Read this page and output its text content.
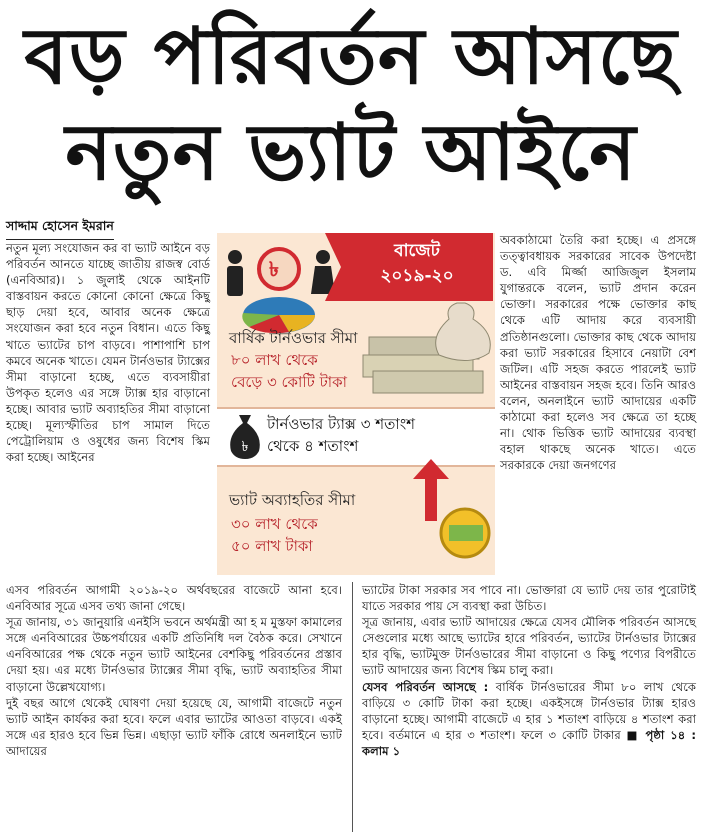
বড় পরিবর্তন আসছে
নতুন ভ্যাট আইনে
সাদ্দাম হোসেন ইমরান

নতুন মূল্য সংযোজন কর বা ভ্যাট আইনে বড় পরিবর্তন আনতে যাচ্ছে জাতীয় রাজস্ব বোর্ড (এনবিআর)। ১ জুলাই থেকে আইনটি বাস্তবায়ন করতে কোনো কোনো ক্ষেত্রে কিছু ছাড় দেয়া হবে, আবার অনেক ক্ষেত্রে সংযোজন করা হবে নতুন বিধান। এতে কিছু খাতে ভ্যাটের চাপ বাড়বে। পাশাপাশি চাপ কমবে অনেক খাতে। যেমন টার্নওভার ট্যাক্সের সীমা বাড়ানো হচ্ছে, এতে ব্যবসায়ীরা উপকৃত হলেও এর সঙ্গে ট্যাক্স হার বাড়ানো হচ্ছে। আবার ভ্যাট অব্যাহতির সীমা বাড়ানো হচ্ছে। মূল্যস্ফীতির চাপ সামাল দিতে পেট্রোলিয়াম ও ওষুধের জন্য বিশেষ স্কিম করা হচ্ছে। আইনের

৳
বাজেট
২০১৯-২০
বার্ষিক টার্নওভার সীমা
৮০ লাখ থেকে
বেড়ে ৩ কোটি টাকা
৳
টার্নওভার ট্যাক্স ৩ শতাংশ
থেকে ৪ শতাংশ
ভ্যাট অব্যাহতির সীমা
৩০ লাখ থেকে
৫০ লাখ টাকা

অবকাঠামো তৈরি করা হচ্ছে। এ প্রসঙ্গে তত্ত্বাবধায়ক সরকারের সাবেক উপদেষ্টা ড. এবি মির্জ্জা আজিজুল ইসলাম যুগান্তরকে বলেন, ভ্যাট প্রদান করেন ভোক্তা। সরকারের পক্ষে ভোক্তার কাছ থেকে এটি আদায় করে ব্যবসায়ী প্রতিষ্ঠানগুলো। ভোক্তার কাছ থেকে আদায় করা ভ্যাট সরকারের হিসাবে নেয়াটা বেশ জটিল। এটি সহজ করতে পারলেই ভ্যাট আইনের বাস্তবায়ন সহজ হবে। তিনি আরও বলেন, অনলাইনে ভ্যাট আদায়ের একটি কাঠামো করা হলেও সব ক্ষেত্রে তা হচ্ছে না। থোক ভিত্তিক ভ্যাট আদায়ের ব্যবস্থা বহাল থাকছে অনেক খাতে। এতে সরকারকে দেয়া জনগণের

এসব পরিবর্তন আগামী ২০১৯-২০ অর্থবছরের বাজেটে আনা হবে। এনবিআর সূত্রে এসব তথ্য জানা গেছে।

সূত্র জানায়, ৩১ জানুয়ারি এনইসি ভবনে অর্থমন্ত্রী আ হ ম মুস্তফা কামালের সঙ্গে এনবিআরের উচ্চপর্যায়ের একটি প্রতিনিধি দল বৈঠক করে। সেখানে এনবিআরের পক্ষ থেকে নতুন ভ্যাট আইনের বেশকিছু পরিবর্তনের প্রস্তাব দেয়া হয়। এর মধ্যে টার্নওভার ট্যাক্সের সীমা বৃদ্ধি, ভ্যাট অব্যাহতির সীমা বাড়ানো উল্লেখযোগ্য।

দুই বছর আগে থেকেই ঘোষণা দেয়া হয়েছে যে, আগামী বাজেটে নতুন ভ্যাট আইন কার্যকর করা হবে। ফলে এবার ভ্যাটের আওতা বাড়বে। একই সঙ্গে এর হারও হবে ভিন্ন ভিন্ন। এছাড়া ভ্যাট ফাঁকি রোধে অনলাইনে ভ্যাট আদায়ের

ভ্যাটের টাকা সরকার সব পাবে না। ভোক্তারা যে ভ্যাট দেয় তার পুরোটাই যাতে সরকার পায় সে ব্যবস্থা করা উচিত।

সূত্র জানায়, এবার ভ্যাট আদায়ের ক্ষেত্রে যেসব মৌলিক পরিবর্তন আসছে সেগুলোর মধ্যে আছে ভ্যাটের হারে পরিবর্তন, ভ্যাটের টার্নওভার ট্যাক্সের হার বৃদ্ধি, ভ্যাটমুক্ত টার্নওভারের সীমা বাড়ানো ও কিছু পণ্যের বিপরীতে ভ্যাট আদায়ের জন্য বিশেষ স্কিম চালু করা।

যেসব পরিবর্তন আসছে : বার্ষিক টার্নওভারের সীমা ৮০ লাখ থেকে বাড়িয়ে ৩ কোটি টাকা করা হচ্ছে। একইসঙ্গে টার্নওভার ট্যাক্স হারও বাড়ানো হচ্ছে। আগামী বাজেটে এ হার ১ শতাংশ বাড়িয়ে ৪ শতাংশ করা হবে। বর্তমানে এ হার ৩ শতাংশ। ফলে ৩ কোটি টাকার ■ পৃষ্ঠা ১৪ : কলাম ১
